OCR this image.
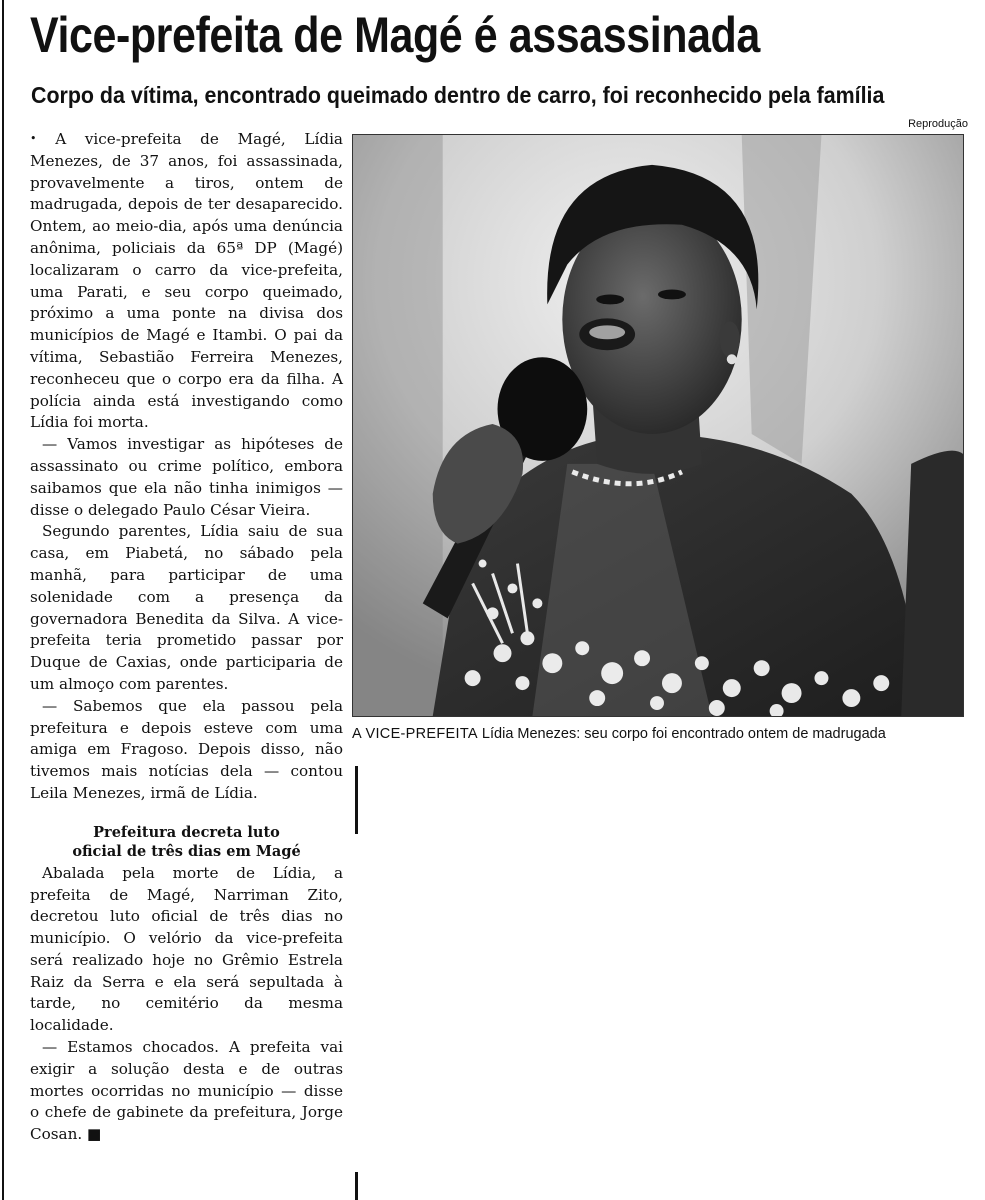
Vice-prefeita de Magé é assassinada
Corpo da vítima, encontrado queimado dentro de carro, foi reconhecido pela família
Reprodução

• A vice-prefeita de Magé, Lídia Menezes, de 37 anos, foi assassinada, provavelmente a tiros, ontem de madrugada, depois de ter desaparecido. Ontem, ao meio-dia, após uma denúncia anônima, policiais da 65ª DP (Magé) localizaram o carro da vice-prefeita, uma Parati, e seu corpo queimado, próximo a uma ponte na divisa dos municípios de Magé e Itambi. O pai da vítima, Sebastião Ferreira Menezes, reconheceu que o corpo era da filha. A polícia ainda está investigando como Lídia foi morta.

— Vamos investigar as hipóteses de assassinato ou crime político, embora saibamos que ela não tinha inimigos — disse o delegado Paulo César Vieira.

Segundo parentes, Lídia saiu de sua casa, em Piabetá, no sábado pela manhã, para participar de uma solenidade com a presença da governadora Benedita da Silva. A vice-prefeita teria prometido passar por Duque de Caxias, onde participaria de um almoço com parentes.

— Sabemos que ela passou pela prefeitura e depois esteve com uma amiga em Fragoso. Depois disso, não tivemos mais notícias dela — contou Leila Menezes, irmã de Lídia.

Prefeitura decreta luto
oficial de três dias em Magé

Abalada pela morte de Lídia, a prefeita de Magé, Narriman Zito, decretou luto oficial de três dias no município. O velório da vice-prefeita será realizado hoje no Grêmio Estrela Raiz da Serra e ela será sepultada à tarde, no cemitério da mesma localidade.

— Estamos chocados. A prefeita vai exigir a solução desta e de outras mortes ocorridas no município — disse o chefe de gabinete da prefeitura, Jorge Cosan. ■

A VICE-PREFEITA Lídia Menezes: seu corpo foi encontrado ontem de madrugada
